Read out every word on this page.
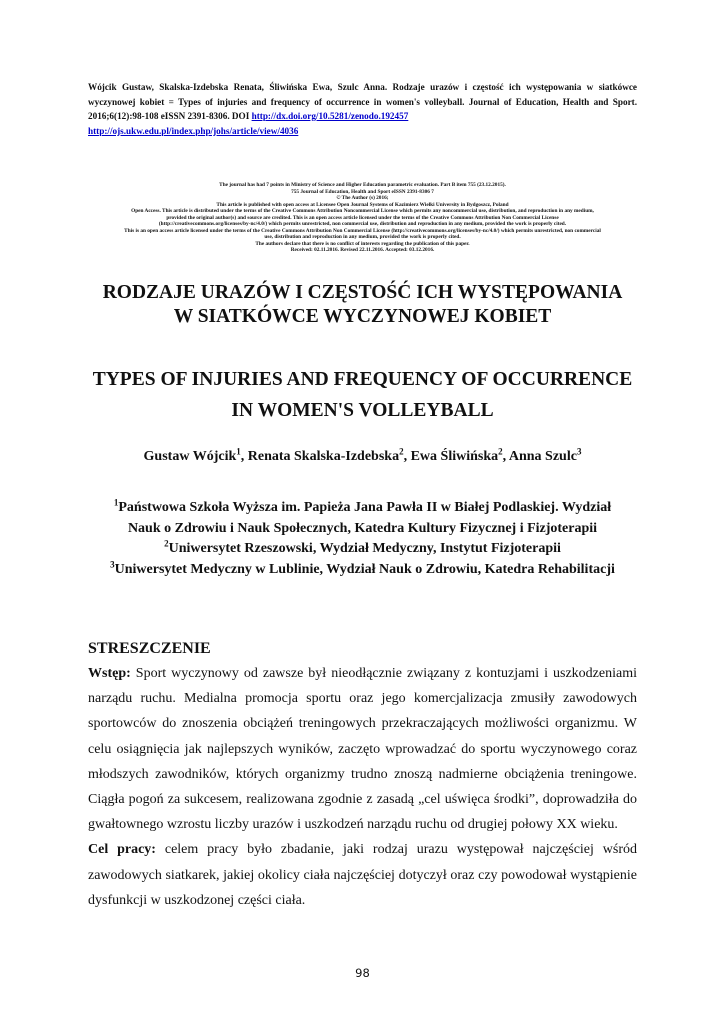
Wójcik Gustaw, Skalska-Izdebska Renata, Śliwińska Ewa, Szulc Anna. Rodzaje urazów i częstość ich występowania w siatkówce wyczynowej kobiet = Types of injuries and frequency of occurrence in women's volleyball. Journal of Education, Health and Sport. 2016;6(12):98-108 eISSN 2391-8306. DOI http://dx.doi.org/10.5281/zenodo.192457
http://ojs.ukw.edu.pl/index.php/johs/article/view/4036
The journal has had 7 points in Ministry of Science and Higher Education parametric evaluation. Part B item 755 (23.12.2015).
755 Journal of Education, Health and Sport eISSN 2391-8306 7
© The Author (s) 2016;
This article is published with open access at Licensee Open Journal Systems of Kazimierz Wielki University in Bydgoszcz, Poland
Open Access. This article is distributed under the terms of the Creative Commons Attribution Noncommercial License which permits any noncommercial use, distribution, and reproduction in any medium,
provided the original author(s) and source are credited. This is an open access article licensed under the terms of the Creative Commons Attribution Non Commercial License
(http://creativecommons.org/licenses/by-nc/4.0/) which permits unrestricted, non commercial use, distribution and reproduction in any medium, provided the work is properly cited.
This is an open access article licensed under the terms of the Creative Commons Attribution Non Commercial License (http://creativecommons.org/licenses/by-nc/4.0/) which permits unrestricted, non commercial
use, distribution and reproduction in any medium, provided the work is properly cited.
The authors declare that there is no conflict of interests regarding the publication of this paper.
Received: 02.11.2016. Revised 22.11.2016. Accepted: 03.12.2016.
RODZAJE URAZÓW I CZĘSTOŚĆ ICH WYSTĘPOWANIA
W SIATKÓWCE WYCZYNOWEJ KOBIET
TYPES OF INJURIES AND FREQUENCY OF OCCURRENCE
IN WOMEN'S VOLLEYBALL
Gustaw Wójcik$^1$, Renata Skalska-Izdebska$^2$, Ewa Śliwińska$^2$, Anna Szulc$^3$
$^1$Państwowa Szkoła Wyższa im. Papieża Jana Pawła II w Białej Podlaskiej. Wydział
Nauk o Zdrowiu i Nauk Społecznych, Katedra Kultury Fizycznej i Fizjoterapii
$^2$Uniwersytet Rzeszowski, Wydział Medyczny, Instytut Fizjoterapii
$^3$Uniwersytet Medyczny w Lublinie, Wydział Nauk o Zdrowiu, Katedra Rehabilitacji
STRESZCZENIE

Wstęp: Sport wyczynowy od zawsze był nieodłącznie związany z kontuzjami i uszkodzeniami narządu ruchu. Medialna promocja sportu oraz jego komercjalizacja zmusiły zawodowych sportowców do znoszenia obciążeń treningowych przekraczających możliwości organizmu. W celu osiągnięcia jak najlepszych wyników, zaczęto wprowadzać do sportu wyczynowego coraz młodszych zawodników, których organizmy trudno znoszą nadmierne obciążenia treningowe. Ciągła pogoń za sukcesem, realizowana zgodnie z zasadą „cel uświęca środki”, doprowadziła do gwałtownego wzrostu liczby urazów i uszkodzeń narządu ruchu od drugiej połowy XX wieku.

Cel pracy: celem pracy było zbadanie, jaki rodzaj urazu występował najczęściej wśród zawodowych siatkarek, jakiej okolicy ciała najczęściej dotyczył oraz czy powodował wystąpienie dysfunkcji w uszkodzonej części ciała.

98
